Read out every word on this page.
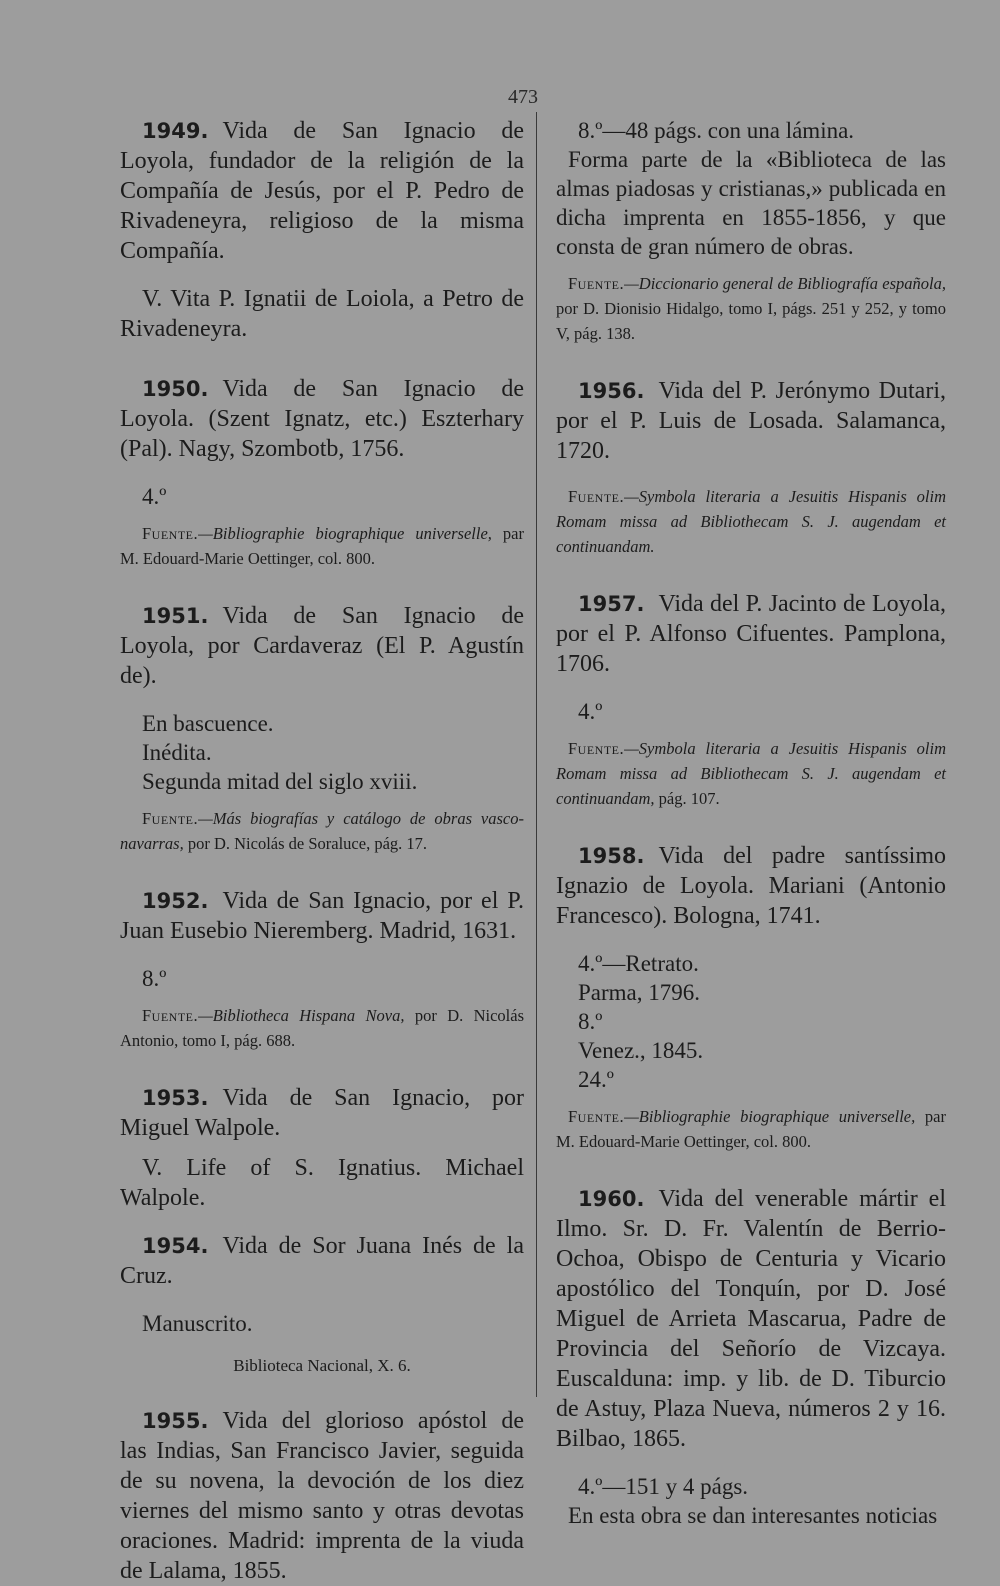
473

1949. Vida de San Ignacio de Loyola, fundador de la religión de la Compañía de Jesús, por el P. Pedro de Rivadeneyra, religioso de la misma Compañía.

V. Vita P. Ignatii de Loiola, a Petro de Rivadeneyra.

1950. Vida de San Ignacio de Loyola. (Szent Ignatz, etc.) Eszterhary (Pal). Nagy, Szombotb, 1756.

4.º

Fuente.—Bibliographie biographique universelle, par M. Edouard-Marie Oettinger, col. 800.

1951. Vida de San Ignacio de Loyola, por Cardaveraz (El P. Agustín de).

En bascuence.

Inédita.

Segunda mitad del siglo xviii.

Fuente.—Más biografías y catálogo de obras vasco-navarras, por D. Nicolás de Soraluce, pág. 17.

1952. Vida de San Ignacio, por el P. Juan Eusebio Nieremberg. Madrid, 1631.

8.º

Fuente.—Bibliotheca Hispana Nova, por D. Nicolás Antonio, tomo I, pág. 688.

1953. Vida de San Ignacio, por Miguel Walpole.

V. Life of S. Ignatius. Michael Walpole.

1954. Vida de Sor Juana Inés de la Cruz.

Manuscrito.

Biblioteca Nacional, X. 6.

1955. Vida del glorioso apóstol de las Indias, San Francisco Javier, seguida de su novena, la devoción de los diez viernes del mismo santo y otras devotas oraciones. Madrid: imprenta de la viuda de Lalama, 1855.

8.º—48 págs. con una lámina.

Forma parte de la «Biblioteca de las almas piadosas y cristianas,» publicada en dicha imprenta en 1855-1856, y que consta de gran número de obras.

Fuente.—Diccionario general de Bibliografía española, por D. Dionisio Hidalgo, tomo I, págs. 251 y 252, y tomo V, pág. 138.

1956. Vida del P. Jerónymo Dutari, por el P. Luis de Losada. Salamanca, 1720.

Fuente.—Symbola literaria a Jesuitis Hispanis olim Romam missa ad Bibliothecam S. J. augendam et continuandam.

1957. Vida del P. Jacinto de Loyola, por el P. Alfonso Cifuentes. Pamplona, 1706.

4.º

Fuente.—Symbola literaria a Jesuitis Hispanis olim Romam missa ad Bibliothecam S. J. augendam et continuandam, pág. 107.

1958. Vida del padre santíssimo Ignazio de Loyola. Mariani (Antonio Francesco). Bologna, 1741.

4.º—Retrato.

Parma, 1796.

8.º

Venez., 1845.

24.º

Fuente.—Bibliographie biographique universelle, par M. Edouard-Marie Oettinger, col. 800.

1960. Vida del venerable mártir el Ilmo. Sr. D. Fr. Valentín de Berrio-Ochoa, Obispo de Centuria y Vicario apostólico del Tonquín, por D. José Miguel de Arrieta Mascarua, Padre de Provincia del Señorío de Vizcaya. Euscalduna: imp. y lib. de D. Tiburcio de Astuy, Plaza Nueva, números 2 y 16. Bilbao, 1865.

4.º—151 y 4 págs.

En esta obra se dan interesantes noticias
